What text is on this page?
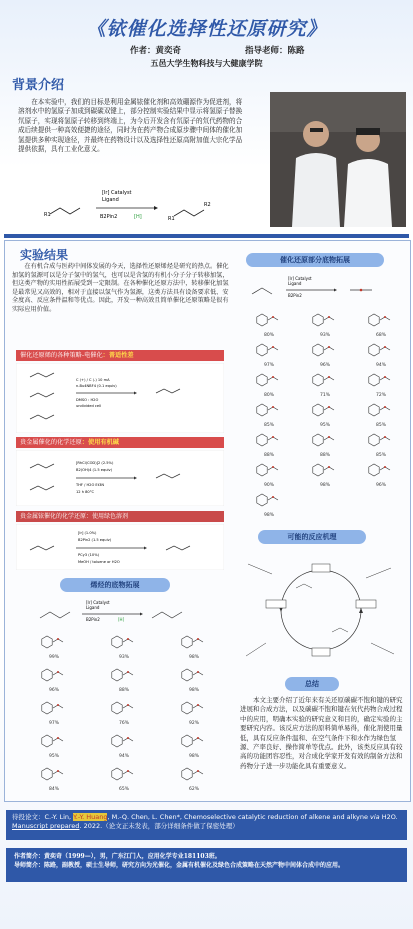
《铱催化选择性还原研究》
作者：黄奕奇	指导老师：陈路
五邑大学生物科技与大健康学院
背景介绍
在本实验中，我们的目标是利用金属铱催化剂和高效硼源作为促进剂，将溶剂水中的氢原子加成到碳碳双键上，部分控制实验结果中显示将氢原子替换氘原子，实现将氢原子转移到终端上，为今后开发含有氘原子的氘代药物的合成后续提供一种高效便捷的途径，同时为在药产物合成原步骤中间体的催化加氢提供多种实现途径，并最终在药物设计以及选择性还原高附加值大宗化学品提供依据，具有工业化意义。
R1
[Ir] Catalyst
Ligand
B2Pin2	[H]
R2
R1
实验结果
在有机合成与医药中间体发展的今天，选择性还原烯烃是研究的热点。催化加氢的氢源可以是分子氢中的氢气，也可以是含氢的有机小分子分子转移加氢，但这类产物的实用性拓展受到一定限制。在各种催化还原方法中，转移催化加氢是最常见又高效的，相对于直接以氢气作为氢源，这类方法具有设备要求低、安全度高、反应条件温和等优点。因此，开发一种高效且简单催化还原策略是很有实际应用价值。
催化还原烯的各种策略-电催化：普适性差
C (+) / C (-) 10 mA
n-Bu4NBF4 (0.1 equiv)
DMSO : H2O
undivided cell
贵金属催化的化学还原：使用有机碱
[RhCl(COD)]2 (2.5%)
B2(OH)4 (1.5 equiv)
THF / H2O Et3N
12 h 80°C
贵金属铱催化的化学还原：使用绿色溶剂
[Ir] (1.0%)
B2Pin2 (1.5 equiv)
PCy3 (10%)
MeOH / toluene or H2O
烯烃的底物拓展
[Ir] Catalyst
Ligand
B2Pin2	[H]
99%	93%	98%
96%	88%	98%
97%	76%	92%
95%	94%	98%
84%	65%	62%
催化还原部分底物拓展
[Ir] Catalyst
Ligand
B2Pin2
80%	93%	68%
97%	96%	94%
80%	71%	72%
85%	95%	85%
88%	88%	85%
90%	98%	96%
98%
可能的反应机理
总结
本文主要介绍了近年来有关还原碳碳不饱和键的研究进展和合成方法，以及碳碳不饱和键在氘代药物合成过程中的应用，明确本实验的研究意义和目的，确定实验的主要研究内容。该反应方法的原料简单易得，催化剂使用量低，具有反应条件温和、在空气条件下和水作为绿色氢源、产率良好、操作简单等优点。此外，该类反应具有较高的功能团容忍性，对合成化学家开发有效的制备方法和药物分子进一步功能化具有重要意义。
待投论文：C.-Y. Lin, Y.-Y. Huang, M.-Q. Chen, L. Chen*, Chemoselective catalytic reduction of alkene and alkyne via H2O. Manuscript prepared. 2022.（论文正未发表，部分详细条件做了保密处理）
作者简介：黄奕奇（1999—），男，广东江门人，应用化学专业181103班。
导师简介：陈路，副教授，硕士生导师，研究方向为光催化，金属有机催化及绿色合成策略在天然产物中间体合成中的应用。
